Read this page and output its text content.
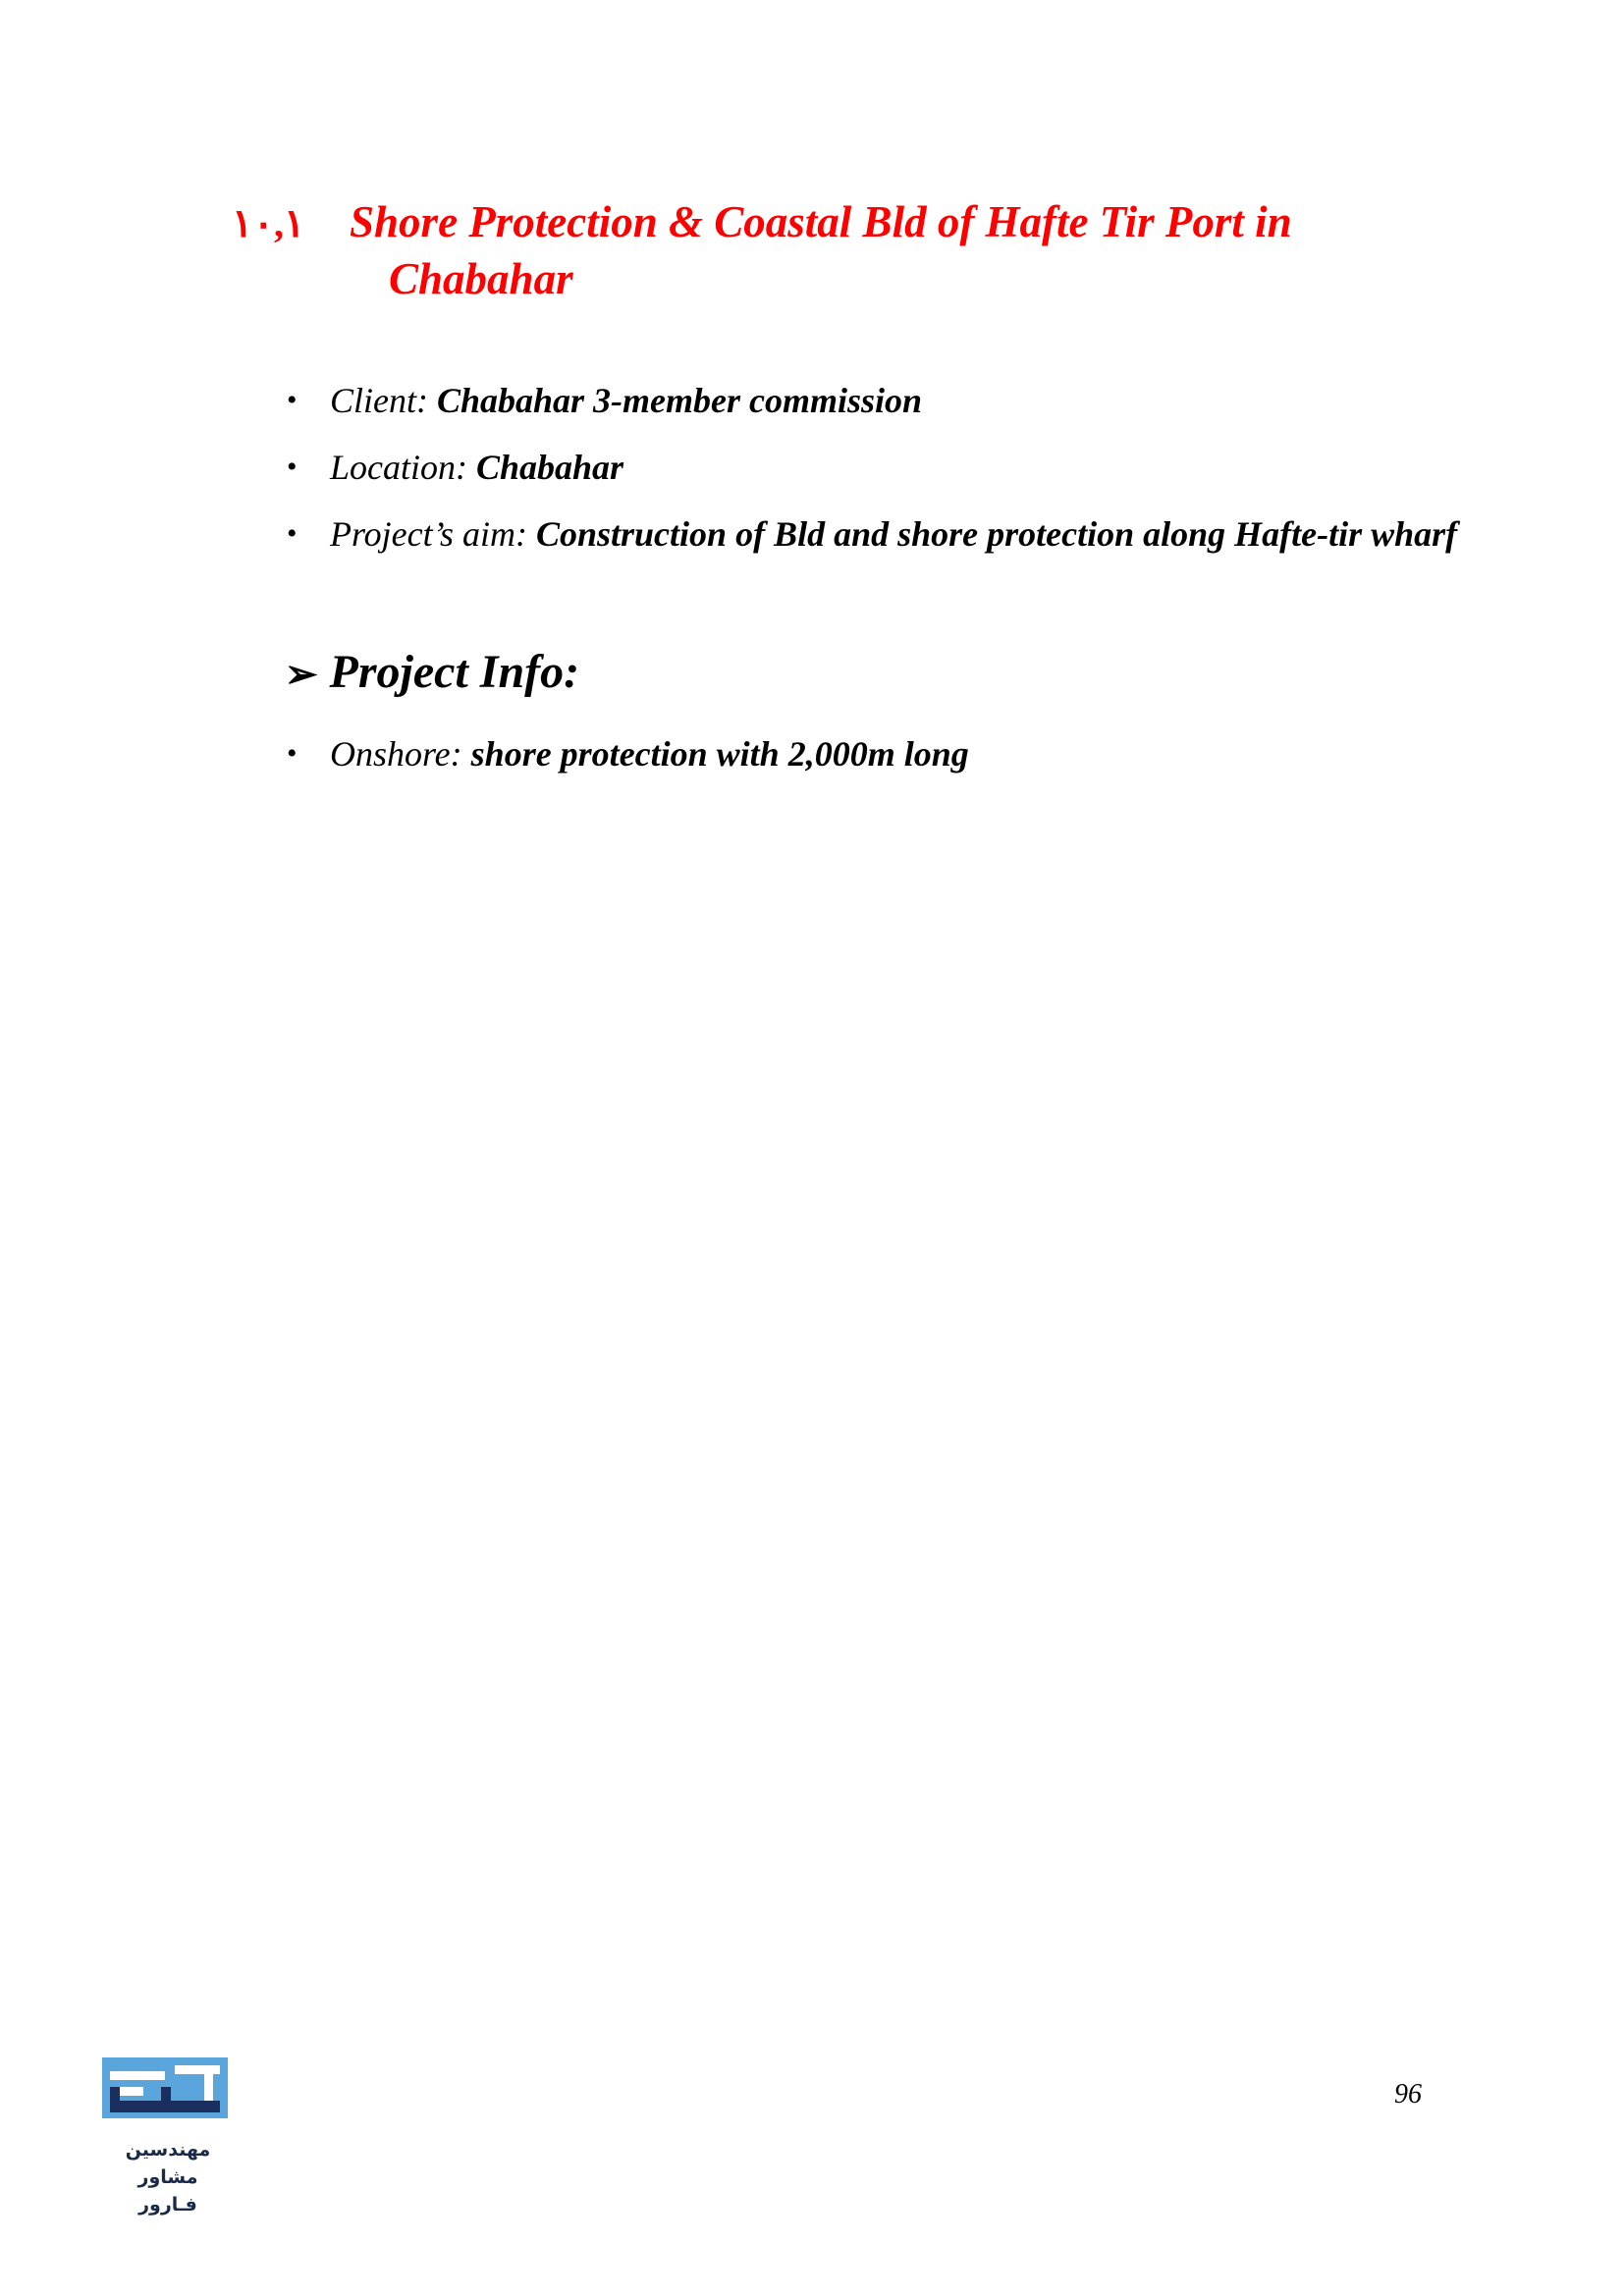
١٠,١ Shore Protection & Coastal Bld of Hafte Tir Port in
Chabahar
• Client: Chabahar 3-member commission
• Location: Chabahar
• Project’s aim: Construction of Bld and shore protection along Hafte-tir wharf
➢ Project Info:
• Onshore: shore protection with 2,000m long
مهندسین مشاور
فـارور
96
